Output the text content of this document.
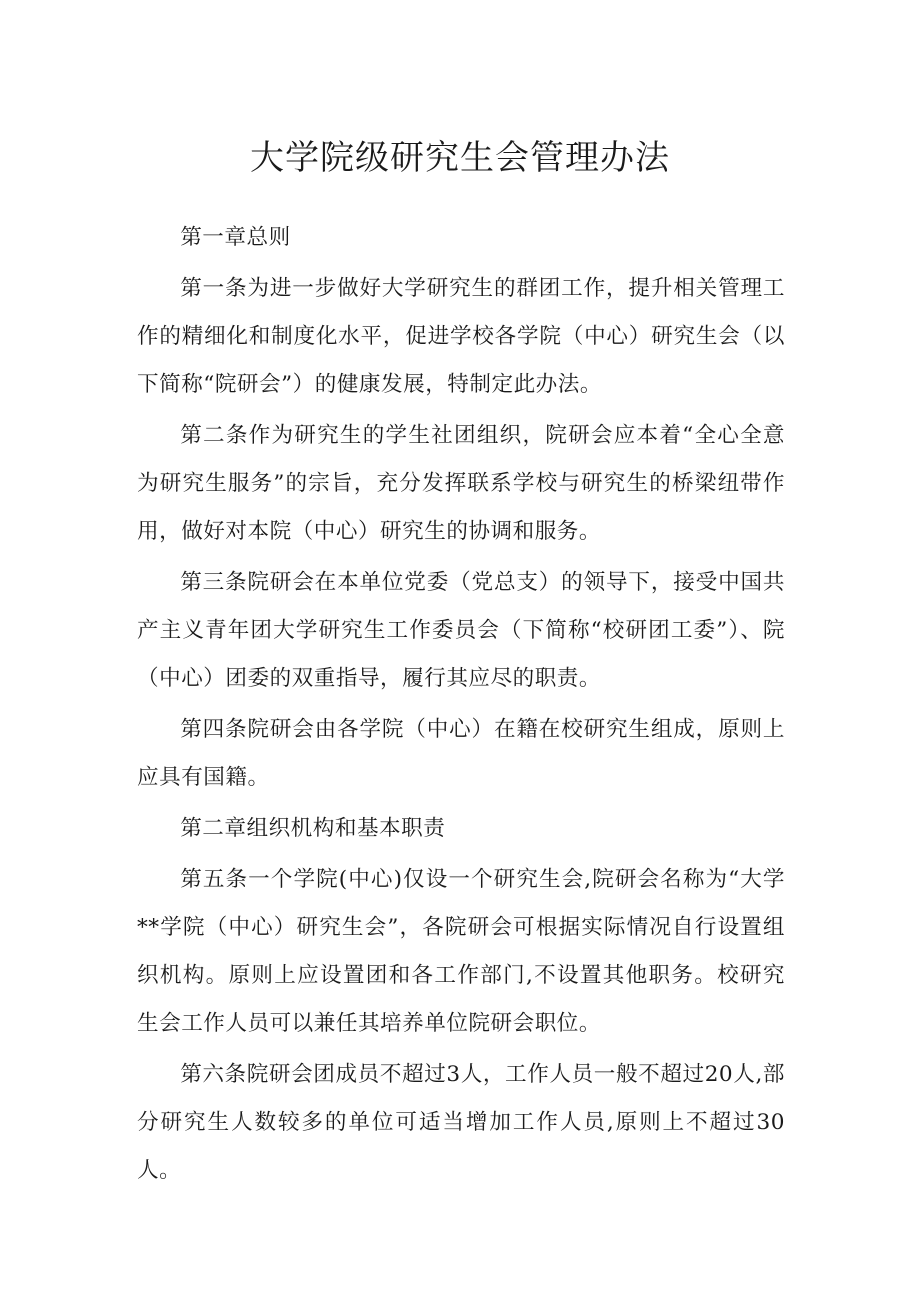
大学院级研究生会管理办法

第一章总则

第一条为进一步做好大学研究生的群团工作，提升相关管理工作的精细化和制度化水平，促进学校各学院（中心）研究生会（以下简称“院研会”）的健康发展，特制定此办法。

第二条作为研究生的学生社团组织，院研会应本着“全心全意为研究生服务”的宗旨，充分发挥联系学校与研究生的桥梁纽带作用，做好对本院（中心）研究生的协调和服务。

第三条院研会在本单位党委（党总支）的领导下，接受中国共产主义青年团大学研究生工作委员会（下简称“校研团工委”）、院（中心）团委的双重指导，履行其应尽的职责。

第四条院研会由各学院（中心）在籍在校研究生组成，原则上应具有国籍。

第二章组织机构和基本职责

第五条一个学院(中心)仅设一个研究生会,院研会名称为“大学**学院（中心）研究生会”，各院研会可根据实际情况自行设置组织机构。原则上应设置团和各工作部门,不设置其他职务。校研究生会工作人员可以兼任其培养单位院研会职位。

第六条院研会团成员不超过3人，工作人员一般不超过20人,部分研究生人数较多的单位可适当增加工作人员,原则上不超过30人。
